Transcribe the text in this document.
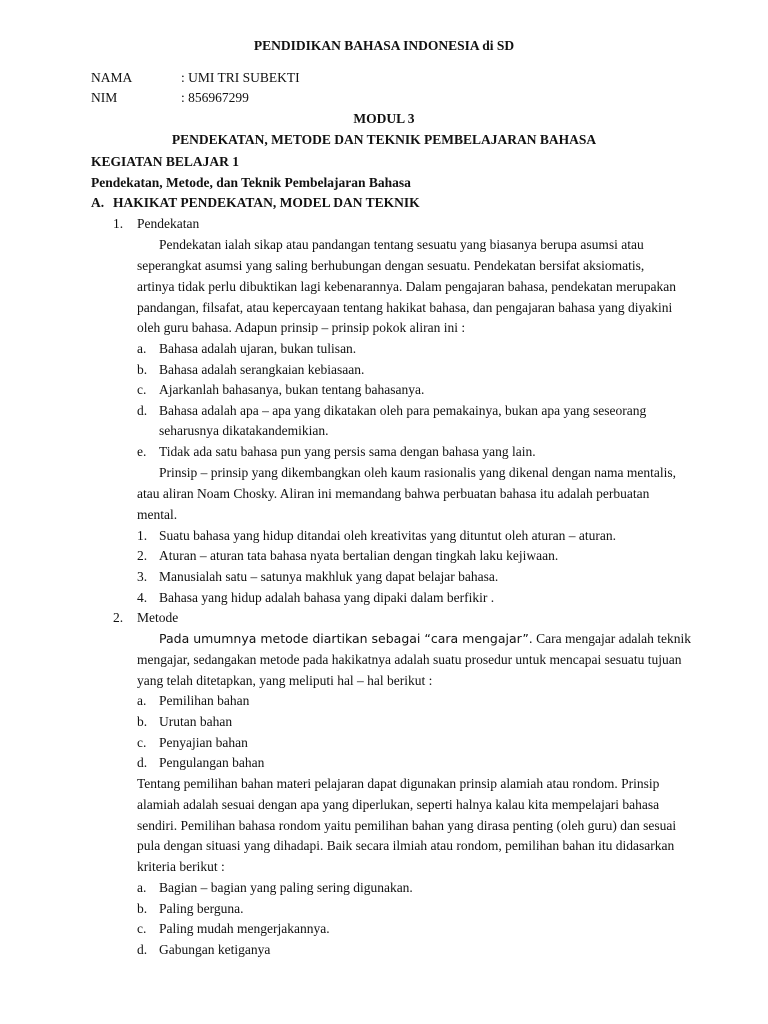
PENDIDIKAN BAHASA INDONESIA di SD
NAMA	: UMI TRI SUBEKTI
NIM	: 856967299
MODUL 3
PENDEKATAN, METODE DAN TEKNIK PEMBELAJARAN BAHASA
KEGIATAN BELAJAR 1
Pendekatan, Metode, dan Teknik Pembelajaran Bahasa
A. HAKIKAT PENDEKATAN, MODEL DAN TEKNIK
1. Pendekatan
Pendekatan ialah sikap atau pandangan tentang sesuatu yang biasanya berupa asumsi atau
seperangkat asumsi yang saling berhubungan dengan sesuatu. Pendekatan bersifat aksiomatis,
artinya tidak perlu dibuktikan lagi kebenarannya. Dalam pengajaran bahasa, pendekatan merupakan
pandangan, filsafat, atau kepercayaan tentang hakikat bahasa, dan pengajaran bahasa yang diyakini
oleh guru bahasa. Adapun prinsip – prinsip pokok aliran ini :
a. Bahasa adalah ujaran, bukan tulisan.
b. Bahasa adalah serangkaian kebiasaan.
c. Ajarkanlah bahasanya, bukan tentang bahasanya.
d. Bahasa adalah apa – apa yang dikatakan oleh para pemakainya, bukan apa yang seseorang
seharusnya dikatakandemikian.
e. Tidak ada satu bahasa pun yang persis sama dengan bahasa yang lain.
Prinsip – prinsip yang dikembangkan oleh kaum rasionalis yang dikenal dengan nama mentalis,
atau aliran Noam Chosky. Aliran ini memandang bahwa perbuatan bahasa itu adalah perbuatan
mental.
1. Suatu bahasa yang hidup ditandai oleh kreativitas yang dituntut oleh aturan – aturan.
2. Aturan – aturan tata bahasa nyata bertalian dengan tingkah laku kejiwaan.
3. Manusialah satu – satunya makhluk yang dapat belajar bahasa.
4. Bahasa yang hidup adalah bahasa yang dipaki dalam berfikir .
2. Metode
Pada umumnya metode diartikan sebagai “cara mengajar”. Cara mengajar adalah teknik
mengajar, sedangakan metode pada hakikatnya adalah suatu prosedur untuk mencapai sesuatu tujuan
yang telah ditetapkan, yang meliputi hal – hal berikut :
a. Pemilihan bahan
b. Urutan bahan
c. Penyajian bahan
d. Pengulangan bahan
Tentang pemilihan bahan materi pelajaran dapat digunakan prinsip alamiah atau rondom. Prinsip
alamiah adalah sesuai dengan apa yang diperlukan, seperti halnya kalau kita mempelajari bahasa
sendiri. Pemilihan bahasa rondom yaitu pemilihan bahan yang dirasa penting (oleh guru) dan sesuai
pula dengan situasi yang dihadapi. Baik secara ilmiah atau rondom, pemilihan bahan itu didasarkan
kriteria berikut :
a. Bagian – bagian yang paling sering digunakan.
b. Paling berguna.
c. Paling mudah mengerjakannya.
d. Gabungan ketiganya
